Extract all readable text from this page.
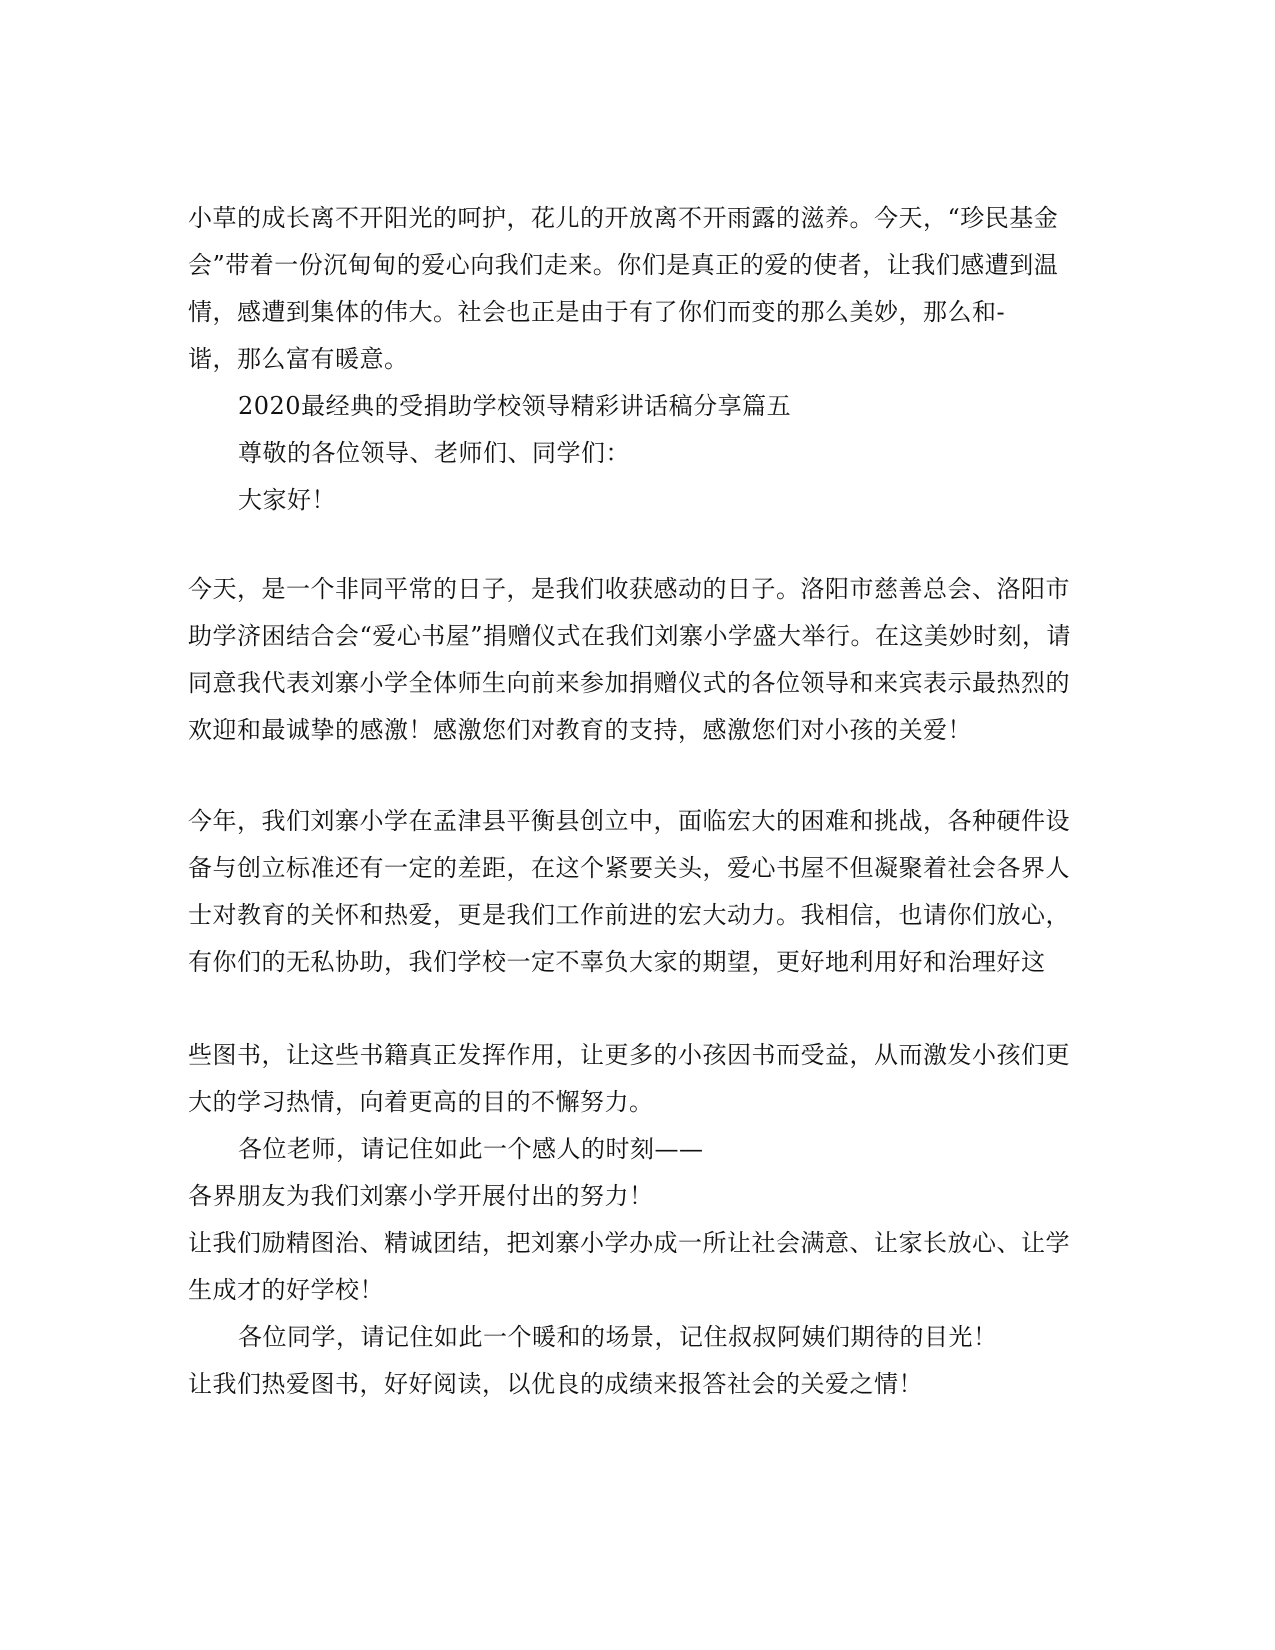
小草的成长离不开阳光的呵护，花儿的开放离不开雨露的滋养。今天，“珍民基金
会”带着一份沉甸甸的爱心向我们走来。你们是真正的爱的使者，让我们感遭到温
情，感遭到集体的伟大。社会也正是由于有了你们而变的那么美妙，那么和-
谐，那么富有暖意。
2020最经典的受捐助学校领导精彩讲话稿分享篇五
尊敬的各位领导、老师们、同学们：
大家好！
今天，是一个非同平常的日子，是我们收获感动的日子。洛阳市慈善总会、洛阳市
助学济困结合会“爱心书屋”捐赠仪式在我们刘寨小学盛大举行。在这美妙时刻，请
同意我代表刘寨小学全体师生向前来参加捐赠仪式的各位领导和来宾表示最热烈的
欢迎和最诚挚的感激！感激您们对教育的支持，感激您们对小孩的关爱！
今年，我们刘寨小学在孟津县平衡县创立中，面临宏大的困难和挑战，各种硬件设
备与创立标准还有一定的差距，在这个紧要关头，爱心书屋不但凝聚着社会各界人
士对教育的关怀和热爱，更是我们工作前进的宏大动力。我相信，也请你们放心，
有你们的无私协助，我们学校一定不辜负大家的期望，更好地利用好和治理好这
些图书，让这些书籍真正发挥作用，让更多的小孩因书而受益，从而激发小孩们更
大的学习热情，向着更高的目的不懈努力。
各位老师，请记住如此一个感人的时刻——
各界朋友为我们刘寨小学开展付出的努力！
让我们励精图治、精诚团结，把刘寨小学办成一所让社会满意、让家长放心、让学
生成才的好学校！
各位同学，请记住如此一个暖和的场景，记住叔叔阿姨们期待的目光！
让我们热爱图书，好好阅读，以优良的成绩来报答社会的关爱之情！
